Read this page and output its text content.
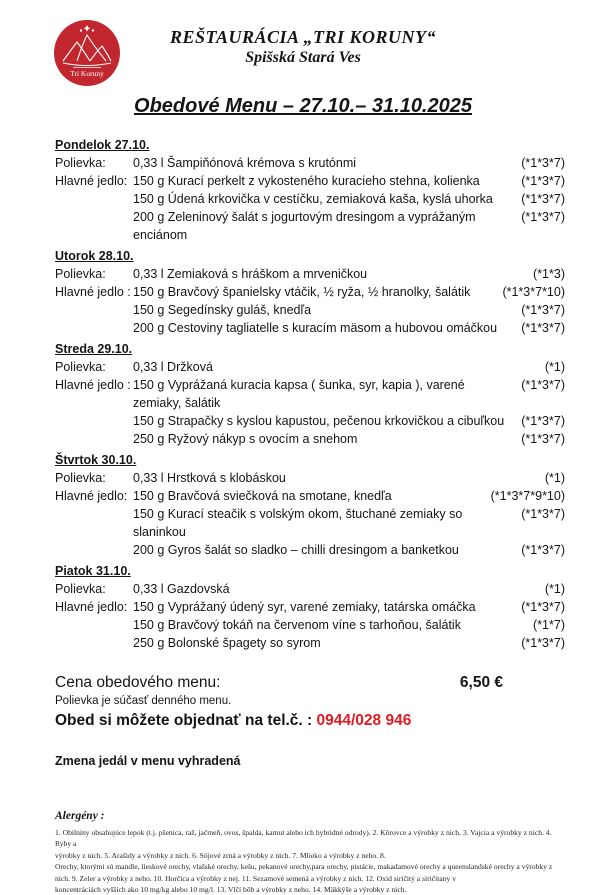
Tri Koruny
REŠTAURÁCIA „TRI KORUNY“
Spišská Stará Ves
Obedové Menu – 27.10.– 31.10.2025
Pondelok 27.10.
Polievka:	0,33 l Šampiňónová krémova s krutónmi	(*1*3*7)
Hlavné jedlo: 150 g Kurací perkelt z vykosteného kuracieho stehna, kolienka	(*1*3*7)
150 g Údená krkovička v cestíčku, zemiaková kaša, kyslá uhorka	(*1*3*7)
200 g Zeleninový šalát s jogurtovým dresingom a vyprážaným enciánom
(*1*3*7)
Utorok 28.10.
Polievka:	0,33 l Zemiaková s hráškom a mrveničkou	(*1*3)
Hlavné jedlo : 150 g Bravčový španielsky vtáčik, ½ ryža, ½ hranolky, šalátik	(*1*3*7*10)
150 g Segedínsky guláš, knedľa	(*1*3*7)
200 g Cestoviny tagliatelle s kuracím mäsom a hubovou omáčkou	(*1*3*7)
Streda 29.10.
Polievka:	0,33 l Držková	(*1)
Hlavné jedlo : 150 g Vyprážaná kuracia kapsa ( šunka, syr, kapia ), varené zemiaky, šalátik
(*1*3*7)
150 g Strapačky s kyslou kapustou, pečenou krkovičkou a cibuľkou	(*1*3*7)
250 g Ryžový nákyp s ovocím a snehom	(*1*3*7)
Štvrtok 30.10.
Polievka:	0,33 l Hrstková s klobáskou	(*1)
Hlavné jedlo: 150 g Bravčová sviečková na smotane, knedľa	(*1*3*7*9*10)
150 g Kurací steačik s volským okom, štuchané zemiaky so slaninkou
(*1*3*7)
200 g Gyros šalát so sladko – chilli dresingom a banketkou	(*1*3*7)
Piatok 31.10.
Polievka:	0,33 l Gazdovská	(*1)
Hlavné jedlo: 150 g Vyprážaný údený syr, varené zemiaky, tatárska omáčka	(*1*3*7)
150 g Bravčový tokáň na červenom víne s tarhoňou, šalátik	(*1*7)
250 g Bolonské špagety so syrom	(*1*3*7)
Cena obedového menu:	6,50 €
Polievka je súčasť denného menu.
Obed si môžete objednať na tel.č. : 0944/028 946
Zmena jedál v menu vyhradená
Alergény :
1. Obilniny obsahujúce lepok (t.j. pšenica, raž, jačmeň, ovos, špalda, kamut alebo ich hybridné odrody). 2. Kôrovce a výrobky z nich. 3. Vajcia a výrobky z nich. 4. Ryby a
výrobky z nich. 5. Arašidy a výrobky z nich. 6. Sójové zrná a výrobky z nich. 7. Mlieko a výrobky z neho. 8.
Orechy, ktorými sú mandle, lieskové orechy, vlašské orechy, kešu, pekanové orechy,para orechy, pistácie, makadamové orechy a queenslandské orechy a výrobky z
nich. 9. Zeler a výrobky z neho. 10. Horčica a výrobky z nej. 11. Sezamové semená a výrobky z nich. 12. Oxid siričitý a siričitany v
koncentráciách vyšších ako 10 mg/kg alebo 10 mg/l. 13. Vlčí bôb a výrobky z neho. 14. Mäkkýše a výrobky z nich.
